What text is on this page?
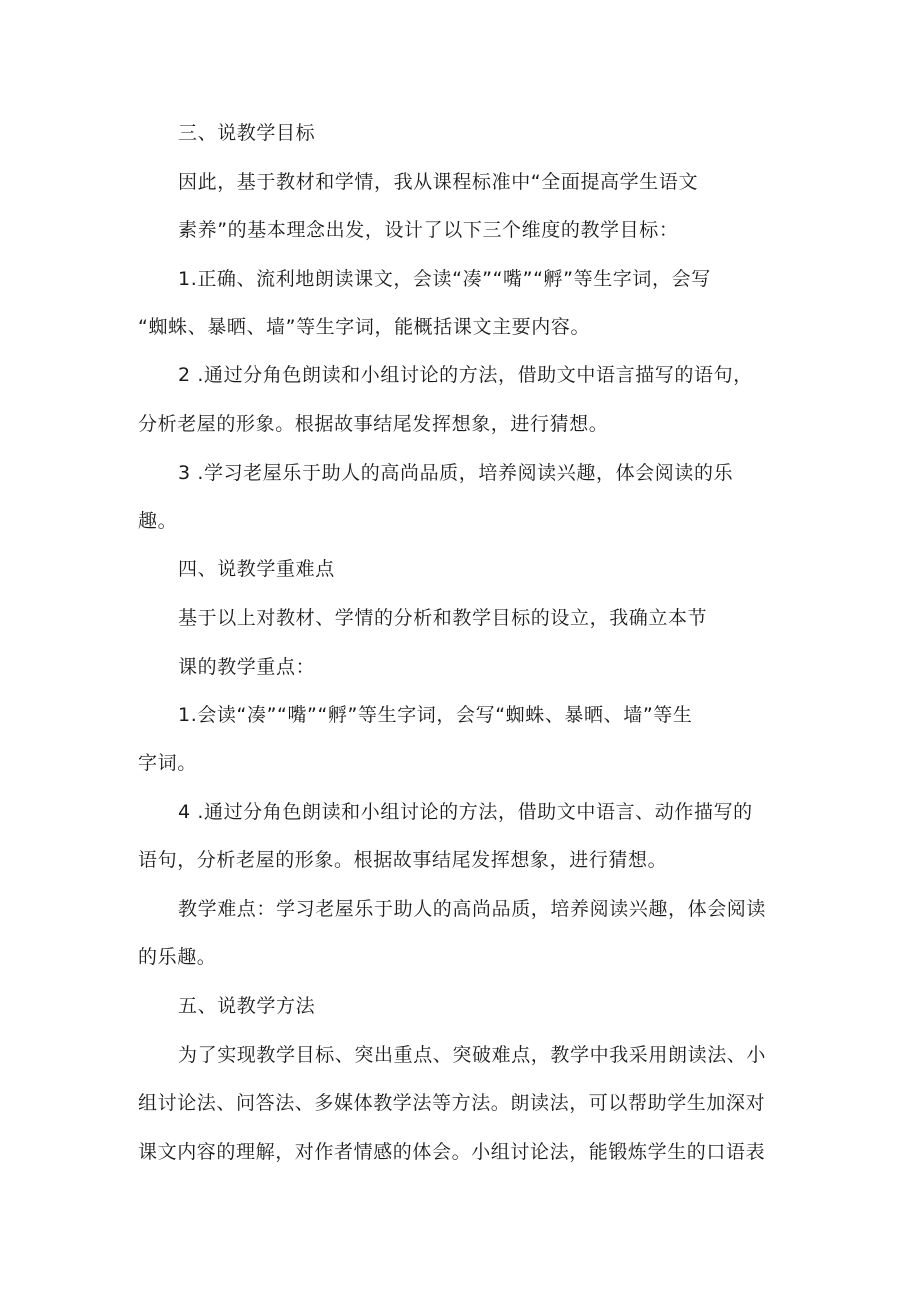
三、说教学目标
因此，基于教材和学情，我从课程标准中“全面提高学生语文
素养”的基本理念出发，设计了以下三个维度的教学目标：
1.正确、流利地朗读课文，会读“凑”“嘴”“孵”等生字词，会写
“蜘蛛、暴晒、墙”等生字词，能概括课文主要内容。
2 .通过分角色朗读和小组讨论的方法，借助文中语言描写的语句，
分析老屋的形象。根据故事结尾发挥想象，进行猜想。
3 .学习老屋乐于助人的高尚品质，培养阅读兴趣，体会阅读的乐
趣。
四、说教学重难点
基于以上对教材、学情的分析和教学目标的设立，我确立本节
课的教学重点：
1.会读“凑”“嘴”“孵”等生字词，会写“蜘蛛、暴晒、墙”等生
字词。
4 .通过分角色朗读和小组讨论的方法，借助文中语言、动作描写的
语句，分析老屋的形象。根据故事结尾发挥想象，进行猜想。
教学难点：学习老屋乐于助人的高尚品质，培养阅读兴趣，体会阅读
的乐趣。
五、说教学方法
为了实现教学目标、突出重点、突破难点，教学中我采用朗读法、小
组讨论法、问答法、多媒体教学法等方法。朗读法，可以帮助学生加深对
课文内容的理解，对作者情感的体会。小组讨论法，能锻炼学生的口语表
